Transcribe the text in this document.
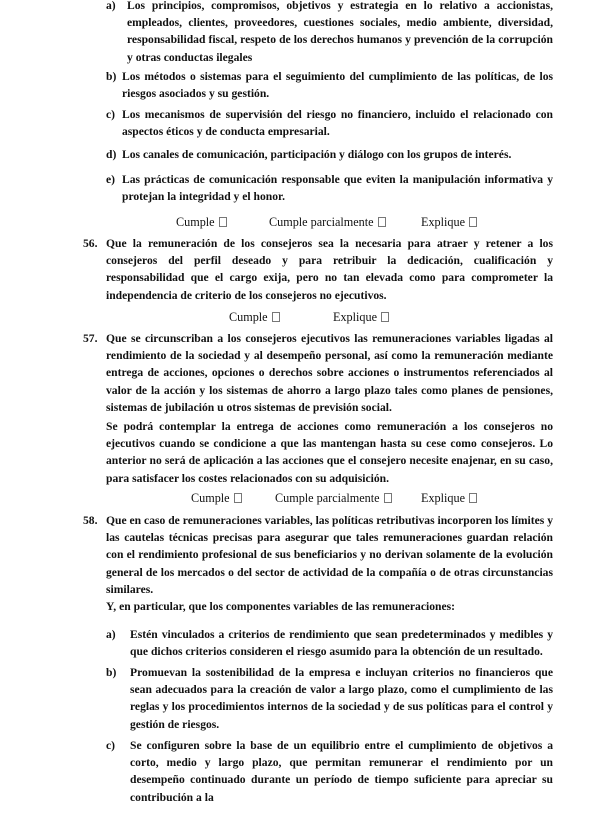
a) Los principios, compromisos, objetivos y estrategia en lo relativo a accionistas, empleados, clientes, proveedores, cuestiones sociales, medio ambiente, diversidad, responsabilidad fiscal, respeto de los derechos humanos y prevención de la corrupción y otras conductas ilegales

b) Los métodos o sistemas para el seguimiento del cumplimiento de las políticas, de los riesgos asociados y su gestión.

c) Los mecanismos de supervisión del riesgo no financiero, incluido el relacionado con aspectos éticos y de conducta empresarial.

d) Los canales de comunicación, participación y diálogo con los grupos de interés.

e) Las prácticas de comunicación responsable que eviten la manipulación informativa y protejan la integridad y el honor.

Cumple	Cumple parcialmente	Explique
56. Que la remuneración de los consejeros sea la necesaria para atraer y retener a los consejeros del perfil deseado y para retribuir la dedicación, cualificación y responsabilidad que el cargo exija, pero no tan elevada como para comprometer la independencia de criterio de los consejeros no ejecutivos.

Cumple	Explique
57. Que se circunscriban a los consejeros ejecutivos las remuneraciones variables ligadas al rendimiento de la sociedad y al desempeño personal, así como la remuneración mediante entrega de acciones, opciones o derechos sobre acciones o instrumentos referenciados al valor de la acción y los sistemas de ahorro a largo plazo tales como planes de pensiones, sistemas de jubilación u otros sistemas de previsión social.

Se podrá contemplar la entrega de acciones como remuneración a los consejeros no ejecutivos cuando se condicione a que las mantengan hasta su cese como consejeros. Lo anterior no será de aplicación a las acciones que el consejero necesite enajenar, en su caso, para satisfacer los costes relacionados con su adquisición.

Cumple	Cumple parcialmente	Explique
58. Que en caso de remuneraciones variables, las políticas retributivas incorporen los límites y las cautelas técnicas precisas para asegurar que tales remuneraciones guardan relación con el rendimiento profesional de sus beneficiarios y no derivan solamente de la evolución general de los mercados o del sector de actividad de la compañía o de otras circunstancias similares.

Y, en particular, que los componentes variables de las remuneraciones:

a) Estén vinculados a criterios de rendimiento que sean predeterminados y medibles y que dichos criterios consideren el riesgo asumido para la obtención de un resultado.

b) Promuevan la sostenibilidad de la empresa e incluyan criterios no financieros que sean adecuados para la creación de valor a largo plazo, como el cumplimiento de las reglas y los procedimientos internos de la sociedad y de sus políticas para el control y gestión de riesgos.

c) Se configuren sobre la base de un equilibrio entre el cumplimiento de objetivos a corto, medio y largo plazo, que permitan remunerar el rendimiento por un desempeño continuado durante un período de tiempo suficiente para apreciar su contribución a la
